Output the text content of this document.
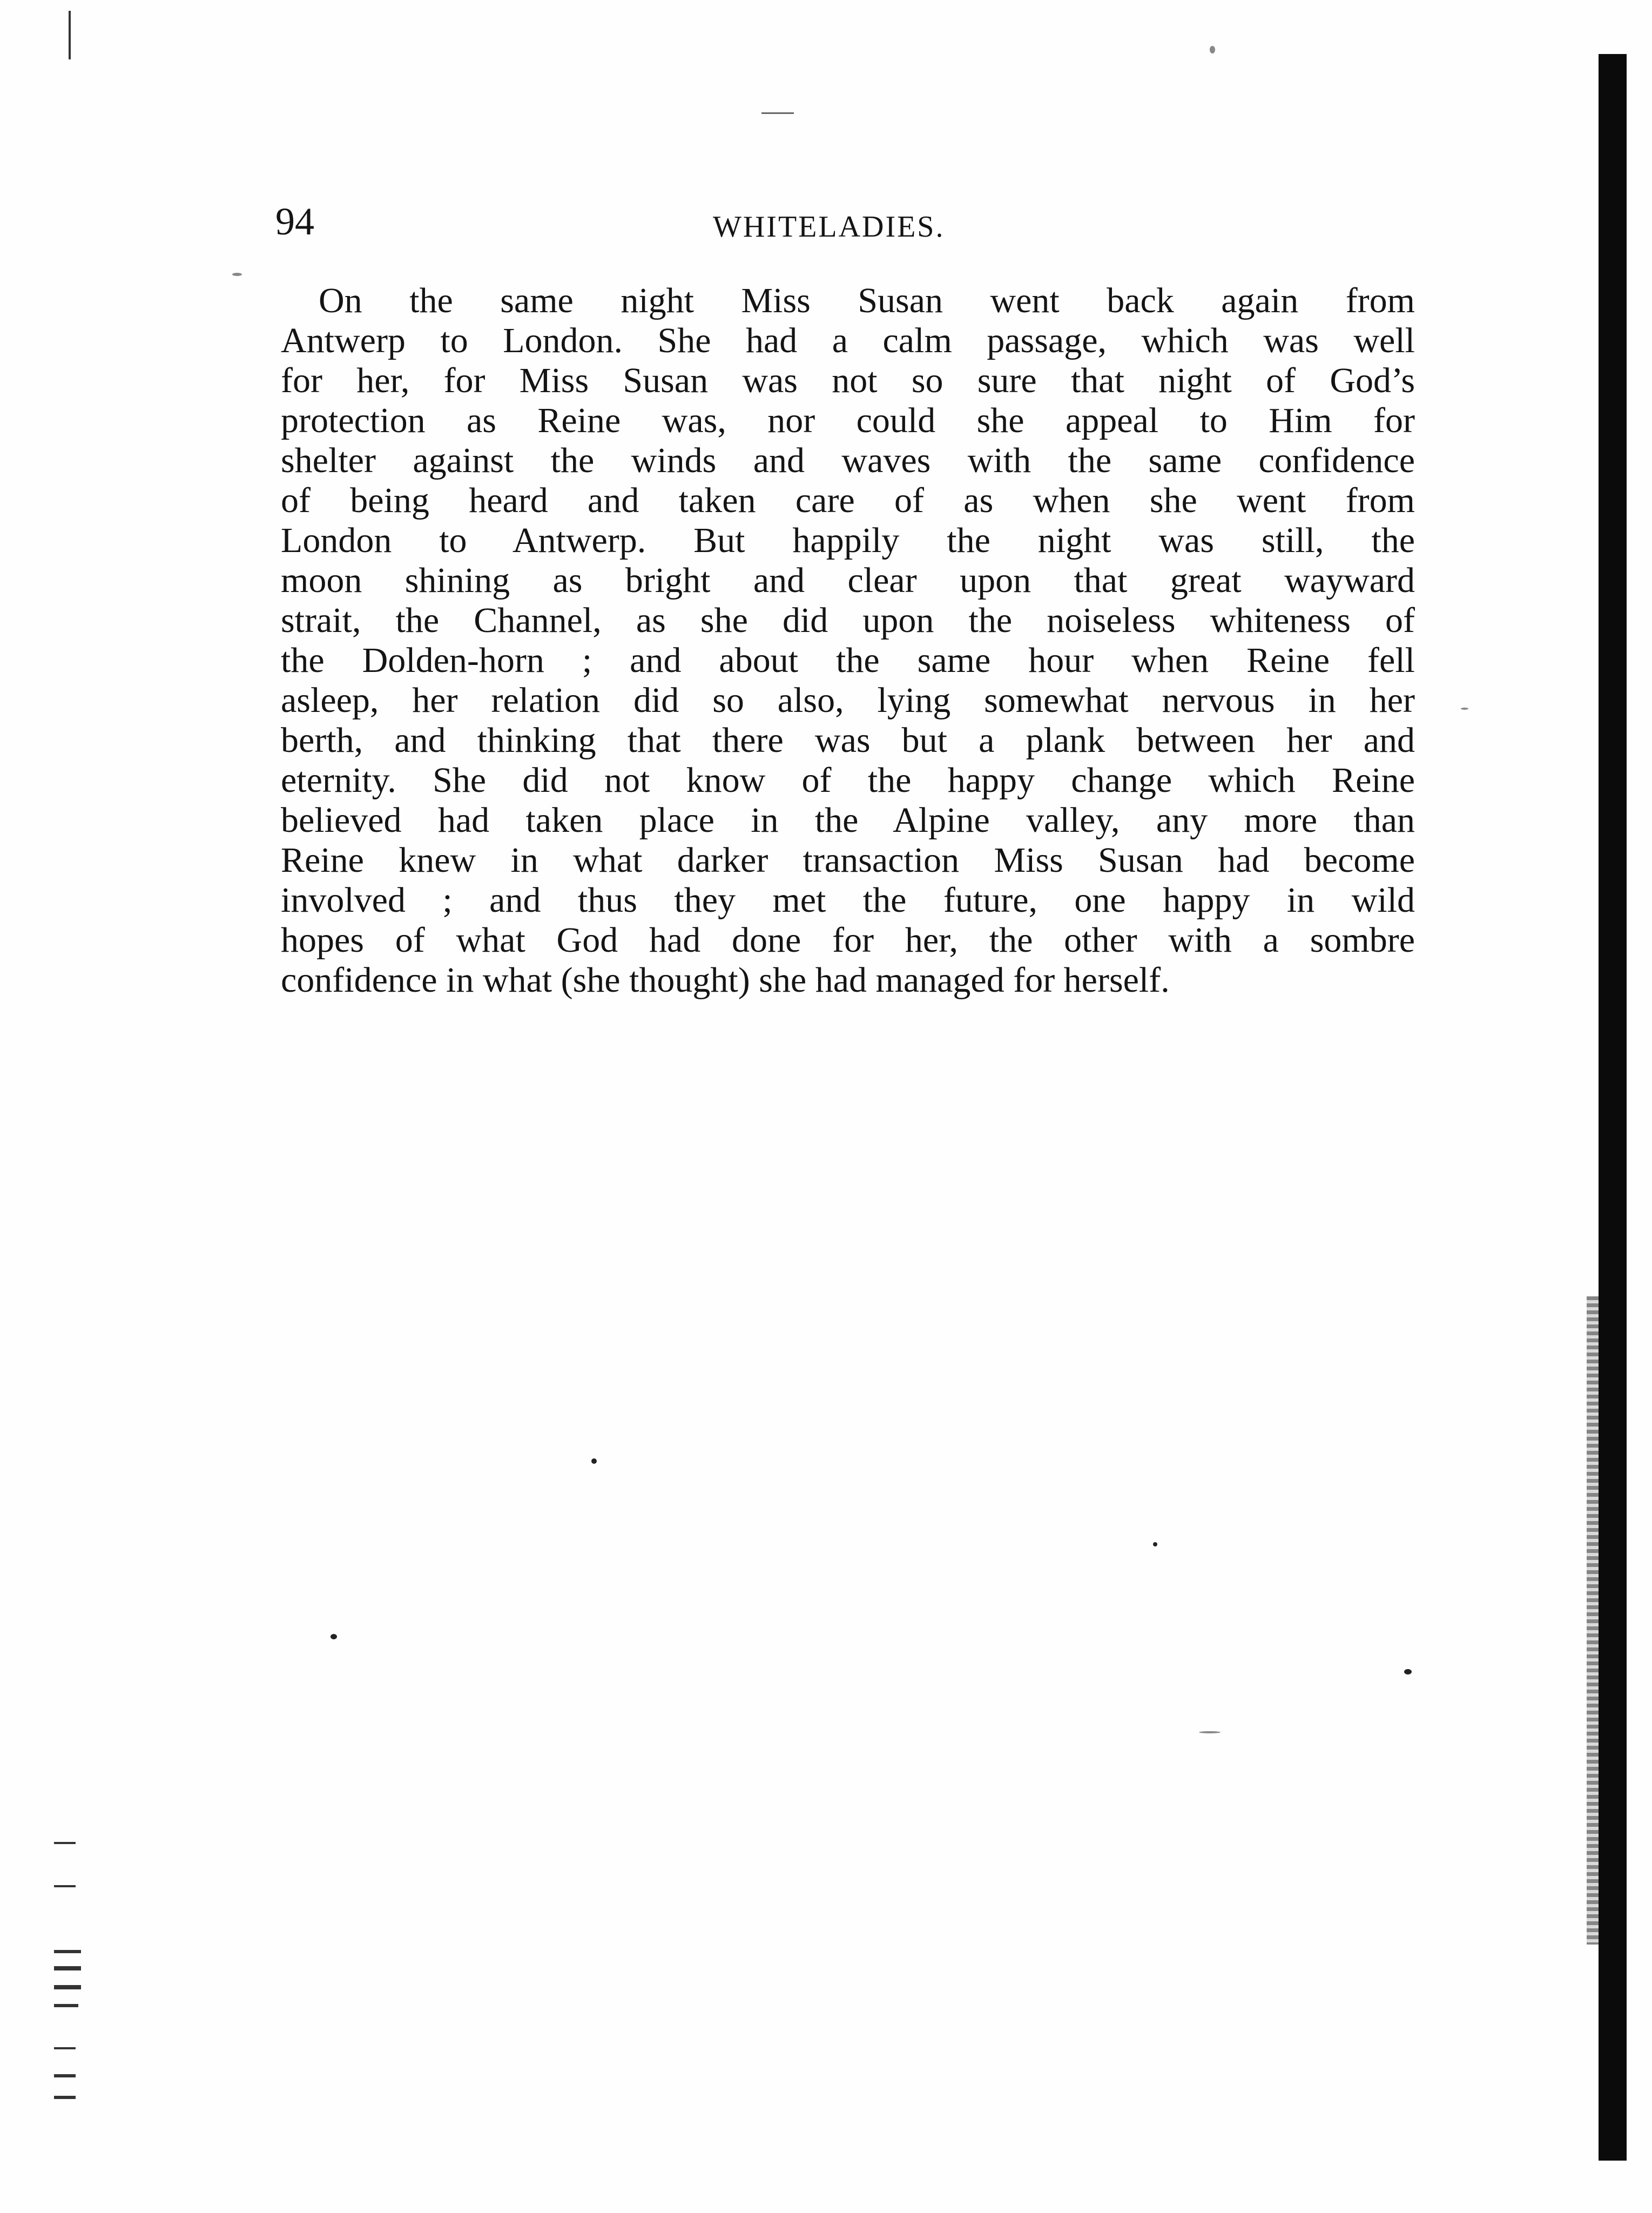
94	WHITELADIES.
On the same night Miss Susan went back again from
Antwerp to London. She had a calm passage, which was well
for her, for Miss Susan was not so sure that night of God’s
protection as Reine was, nor could she appeal to Him for
shelter against the winds and waves with the same confidence
of being heard and taken care of as when she went from
London to Antwerp. But happily the night was still, the
moon shining as bright and clear upon that great wayward
strait, the Channel, as she did upon the noiseless whiteness of
the Dolden-horn ; and about the same hour when Reine fell
asleep, her relation did so also, lying somewhat nervous in her
berth, and thinking that there was but a plank between her and
eternity. She did not know of the happy change which Reine
believed had taken place in the Alpine valley, any more than
Reine knew in what darker transaction Miss Susan had become
involved ; and thus they met the future, one happy in wild
hopes of what God had done for her, the other with a sombre
confidence in what (she thought) she had managed for herself.
